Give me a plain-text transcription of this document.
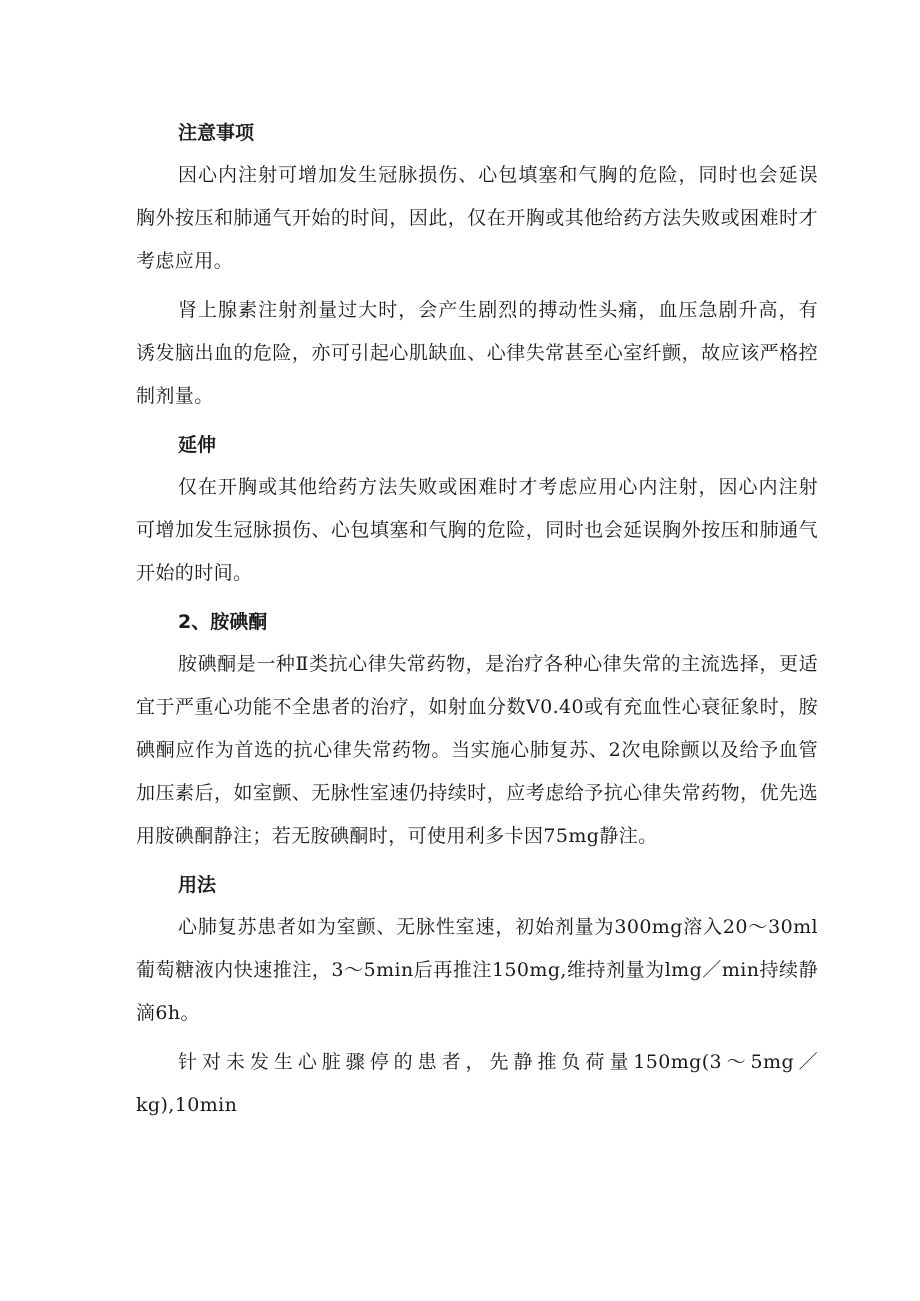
注意事项

因心内注射可增加发生冠脉损伤、心包填塞和气胸的危险，同时也会延误胸外按压和肺通气开始的时间，因此，仅在开胸或其他给药方法失败或困难时才考虑应用。

肾上腺素注射剂量过大时，会产生剧烈的搏动性头痛，血压急剧升高，有诱发脑出血的危险，亦可引起心肌缺血、心律失常甚至心室纤颤，故应该严格控制剂量。

延伸

仅在开胸或其他给药方法失败或困难时才考虑应用心内注射，因心内注射可增加发生冠脉损伤、心包填塞和气胸的危险，同时也会延误胸外按压和肺通气开始的时间。

2、胺碘酮

胺碘酮是一种Ⅱ类抗心律失常药物，是治疗各种心律失常的主流选择，更适宜于严重心功能不全患者的治疗，如射血分数V0.40或有充血性心衰征象时，胺碘酮应作为首选的抗心律失常药物。当实施心肺复苏、2次电除颤以及给予血管加压素后，如室颤、无脉性室速仍持续时，应考虑给予抗心律失常药物，优先选用胺碘酮静注；若无胺碘酮时，可使用利多卡因75mg静注。

用法

心肺复苏患者如为室颤、无脉性室速，初始剂量为300mg溶入20〜30ml葡萄糖液内快速推注，3〜5min后再推注150mg,维持剂量为lmg／min持续静滴6h。

针对未发生心脏骤停的患者，先静推负荷量150mg(3〜5mg／kg),10min
